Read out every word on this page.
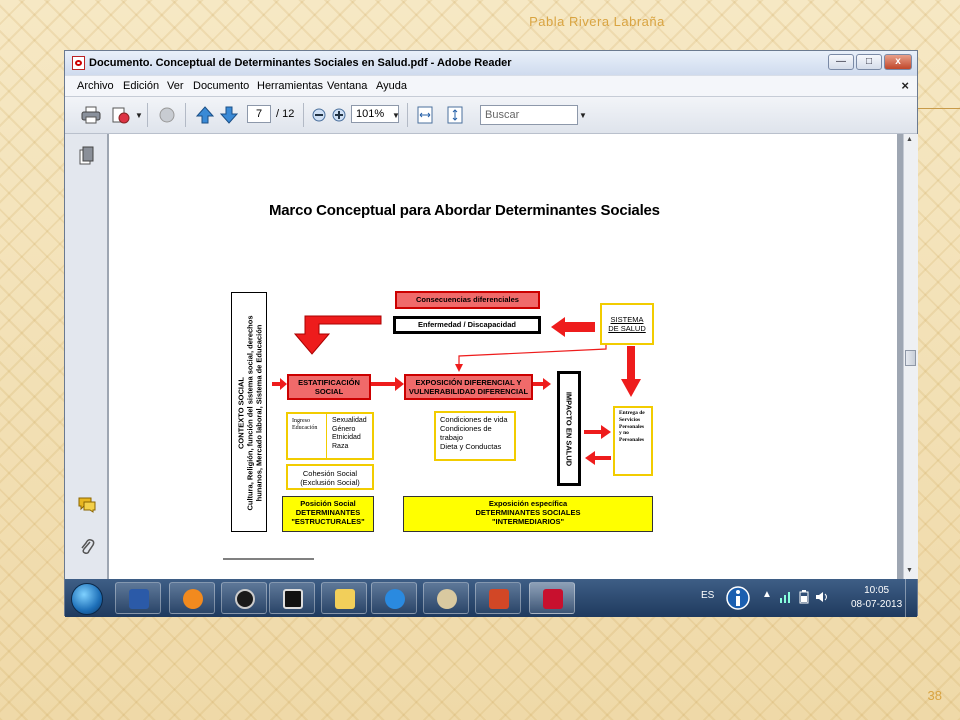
Pabla Rivera Labraña
Documento. Conceptual de Determinantes Sociales en Salud.pdf - Adobe Reader	—	□	x
Archivo Edición Ver Documento Herramientas Ventana Ayuda	×
▼	7	/ 12	101% ▼	Buscar	▼
Marco Conceptual para Abordar Determinantes Sociales
CONTEXTO SOCIAL
Cultura, Religión, función del sistema social, derechos
hunanos, Mercado laboral, Sistema de Educación
Consecuencias diferenciales
Enfermedad / Discapacidad
SISTEMA
DE SALUD
ESTATIFICACIÓN
SOCIAL
EXPOSICIÓN DIFERENCIAL Y
VULNERABILIDAD DIFERENCIAL
IMPACTO EN SALUD
Ingreso
Educación
Sexualidad
Género
Etnicidad
Raza
Cohesión Social
(Exclusión Social)
Condiciones de vida
Condiciones de
trabajo
Dieta y Conductas
Entrega de
Servicios
Personales
y no
Personales
Posición Social
DETERMINANTES
"ESTRUCTURALES"
Exposición específica
DETERMINANTES SOCIALES
"INTERMEDIARIOS"
▲
▼
ES	▲	10:05
08-07-2013
38
